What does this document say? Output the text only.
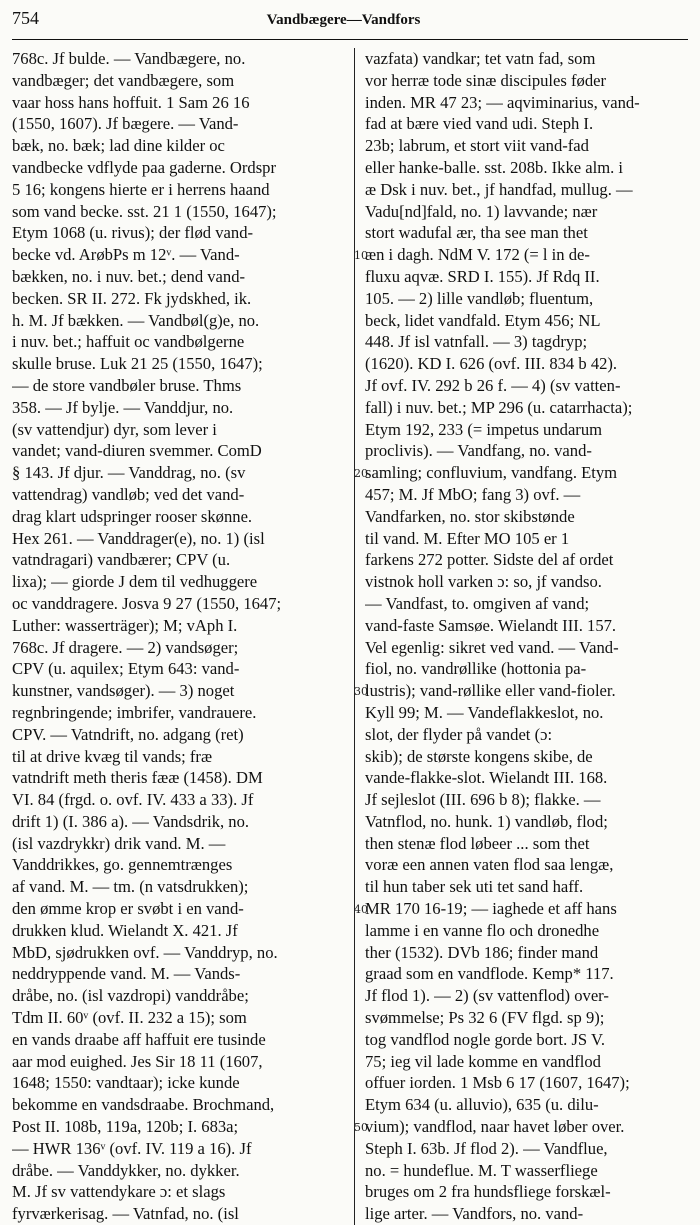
754	Vandbægere—Vandfors
768c. Jf bulde. — Vandbægere, no.
vandbæger; det vandbægere, som
vaar hoss hans hoffuit. 1 Sam 26 16
(1550, 1607). Jf bægere. — Vand-
bæk, no. bæk; lad dine kilder oc
vandbecke vdflyde paa gaderne. Ordspr
5 16; kongens hierte er i herrens haand
som vand becke. sst. 21 1 (1550, 1647);
Etym 1068 (u. rivus); der flød vand-
becke vd. ArøbPs m 12ᵛ. — Vand-
bækken, no. i nuv. bet.; dend vand-
becken. SR II. 272. Fk jydskhed, ik.
h. M. Jf bækken. — Vandbøl(g)e, no.
i nuv. bet.; haffuit oc vandbølgerne
skulle bruse. Luk 21 25 (1550, 1647);
— de store vandbøler bruse. Thms
358. — Jf bylje. — Vanddjur, no.
(sv vattendjur) dyr, som lever i
vandet; vand-diuren svemmer. ComD
§ 143. Jf djur. — Vanddrag, no. (sv
vattendrag) vandløb; ved det vand-
drag klart udspringer rooser skønne.
Hex 261. — Vanddrager(e), no. 1) (isl
vatndragari) vandbærer; CPV (u.
lixa); — giorde J dem til vedhuggere
oc vanddragere. Josva 9 27 (1550, 1647;
Luther: wasserträger); M; vAph I.
768c. Jf dragere. — 2) vandsøger;
CPV (u. aquilex; Etym 643: vand-
kunstner, vandsøger). — 3) noget
regnbringende; imbrifer, vandrauere.
CPV. — Vatndrift, no. adgang (ret)
til at drive kvæg til vands; fræ
vatndrift meth theris fææ (1458). DM
VI. 84 (frgd. o. ovf. IV. 433 a 33). Jf
drift 1) (I. 386 a). — Vandsdrik, no.
(isl vazdrykkr) drik vand. M. —
Vanddrikkes, go. gennemtrænges
af vand. M. — tm. (n vatsdrukken);
den ømme krop er svøbt i en vand-
drukken klud. Wielandt X. 421. Jf
MbD, sjødrukken ovf. — Vanddryp, no.
neddryppende vand. M. — Vands-
dråbe, no. (isl vazdropi) vanddråbe;
Tdm II. 60ᵛ (ovf. II. 232 a 15); som
en vands draabe aff haffuit ere tusinde
aar mod euighed. Jes Sir 18 11 (1607,
1648; 1550: vandtaar); icke kunde
bekomme en vandsdraabe. Brochmand,
Post II. 108b, 119a, 120b; I. 683a;
— HWR 136ᵛ (ovf. IV. 119 a 16). Jf
dråbe. — Vanddykker, no. dykker.
M. Jf sv vattendykare ɔ: et slags
fyrværkerisag. — Vatnfad, no. (isl
vazfata) vandkar; tet vatn fad, som
vor herræ tode sinæ discipules føder
inden. MR 47 23; — aqviminarius, vand-
fad at bære vied vand udi. Steph I.
23b; labrum, et stort viit vand-fad
eller hanke-balle. sst. 208b. Ikke alm. i
æ Dsk i nuv. bet., jf handfad, mullug. —
Vadu[nd]fald, no. 1) lavvande; nær
stort wadufal ær, tha see man thet
æn i dagh. NdM V. 172 (= l in de-
fluxu aqvæ. SRD I. 155). Jf Rdq II.
105. — 2) lille vandløb; fluentum,
beck, lidet vandfald. Etym 456; NL
448. Jf isl vatnfall. — 3) tagdryp;
(1620). KD I. 626 (ovf. III. 834 b 42).
Jf ovf. IV. 292 b 26 f. — 4) (sv vatten-
fall) i nuv. bet.; MP 296 (u. catarrhacta);
Etym 192, 233 (= impetus undarum
proclivis). — Vandfang, no. vand-
samling; confluvium, vandfang. Etym
457; M. Jf MbO; fang 3) ovf. —
Vandfarken, no. stor skibstønde
til vand. M. Efter MO 105 er 1
farkens 272 potter. Sidste del af ordet
vistnok holl varken ɔ: so, jf vandso.
— Vandfast, to. omgiven af vand;
vand-faste Samsøe. Wielandt III. 157.
Vel egenlig: sikret ved vand. — Vand-
fiol, no. vandrøllike (hottonia pa-
lustris); vand-røllike eller vand-fioler.
Kyll 99; M. — Vandeflakkeslot, no.
slot, der flyder på vandet (ɔ:
skib); de største kongens skibe, de
vande-flakke-slot. Wielandt III. 168.
Jf sejleslot (III. 696 b 8); flakke. —
Vatnflod, no. hunk. 1) vandløb, flod;
then stenæ flod løbeer ... som thet
voræ een annen vaten flod saa lengæ,
til hun taber sek uti tet sand haff.
MR 170 16-19; — iaghede et aff hans
lamme i en vanne flo och dronedhe
ther (1532). DVb 186; finder mand
graad som en vandflode. Kemp* 117.
Jf flod 1). — 2) (sv vattenflod) over-
svømmelse; Ps 32 6 (FV flgd. sp 9);
tog vandflod nogle gorde bort. JS V.
75; ieg vil lade komme en vandflod
offuer iorden. 1 Msb 6 17 (1607, 1647);
Etym 634 (u. alluvio), 635 (u. dilu-
vium); vandflod, naar havet løber over.
Steph I. 63b. Jf flod 2). — Vandflue,
no. = hundeflue. M. T wasserfliege
bruges om 2 fra hundsfliege forskæl-
lige arter. — Vandfors, no. vand-
10
20
30
40
50
